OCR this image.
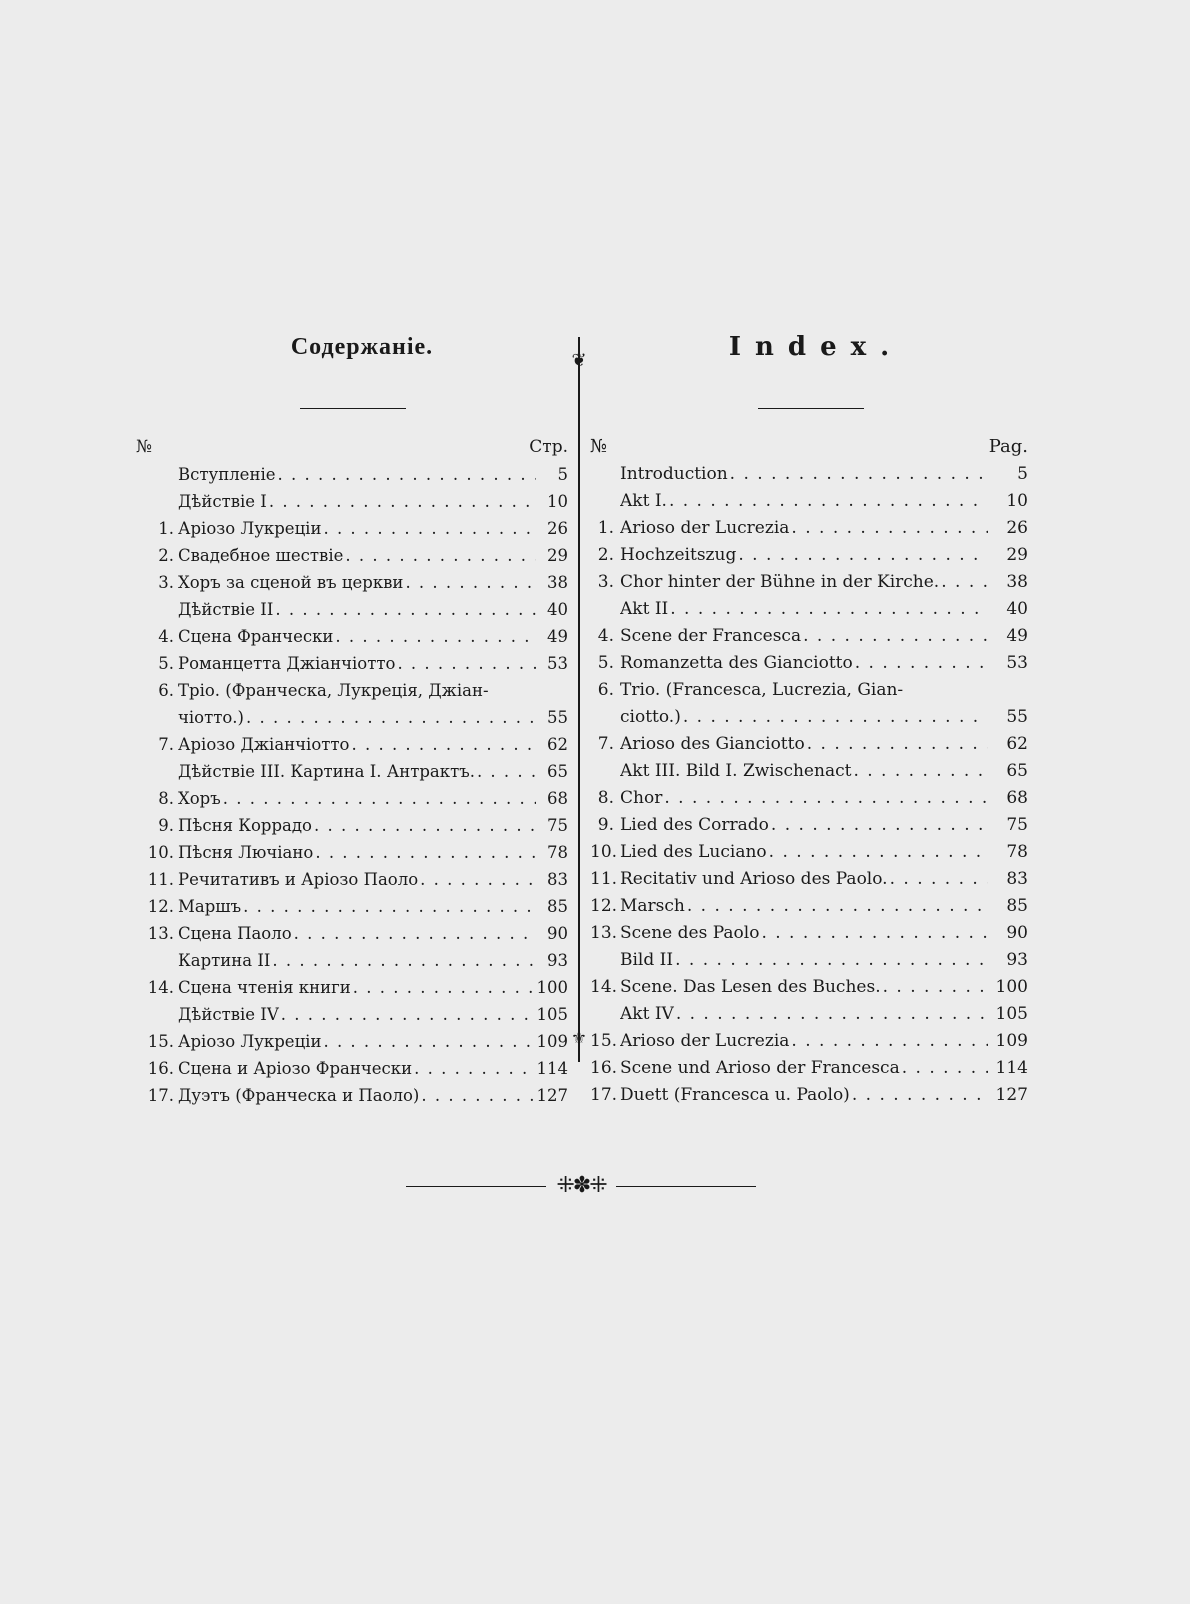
Содержаніе.
№	Стр.
Вступленіе . . .	5
Дѣйствіе I . . .	10
1. Аріозо Лукреціи . . .	26
2. Свадебное шествіе . . .	29
3. Хоръ за сценой въ церкви . . .	38
Дѣйствіе II . . .	40
4. Сцена Франчески . . .	49
5. Романцетта Джіанчіотто . . .	53
6. Тріо. (Франческа, Лукреція, Джіан-
чіотто.) . . .	55
7. Аріозо Джіанчіотто . . .	62
Дѣйствіе III. Картина I. Антрактъ. . . .	65
8. Хоръ . . .	68
9. Пѣсня Коррадо . . .	75
10. Пѣсня Лючіано . . .	78
11. Речитативъ и Аріозо Паоло . . .	83
12. Маршъ . . .	85
13. Сцена Паоло . . .	90
Картина II . . .	93
14. Сцена чтенія книги . . .	100
Дѣйствіе IV . . .	105
15. Аріозо Лукреціи . . .	109
16. Сцена и Аріозо Франчески . . .	114
17. Дуэтъ (Франческа и Паоло) . . .	127
❦
⚜
Index.
№	Pag.
Introduction . . .	5
Akt I. . . .	10
1. Arioso der Lucrezia . . .	26
2. Hochzeitszug . . .	29
3. Chor hinter der Bühne in der Kirche. . . .	38
Akt II . . .	40
4. Scene der Francesca . . .	49
5. Romanzetta des Gianciotto . . .	53
6. Trio. (Francesca, Lucrezia, Gian-
ciotto.) . . .	55
7. Arioso des Gianciotto . . .	62
Akt III. Bild I. Zwischenact . . .	65
8. Chor . . .	68
9. Lied des Corrado . . .	75
10. Lied des Luciano . . .	78
11. Recitativ und Arioso des Paolo. . . .	83
12. Marsch . . .	85
13. Scene des Paolo . . .	90
Bild II . . .	93
14. Scene. Das Lesen des Buches. . . .	100
Akt IV . . .	105
15. Arioso der Lucrezia . . .	109
16. Scene und Arioso der Francesca . . .	114
17. Duett (Francesca u. Paolo) . . .	127
⁜✽⁜
